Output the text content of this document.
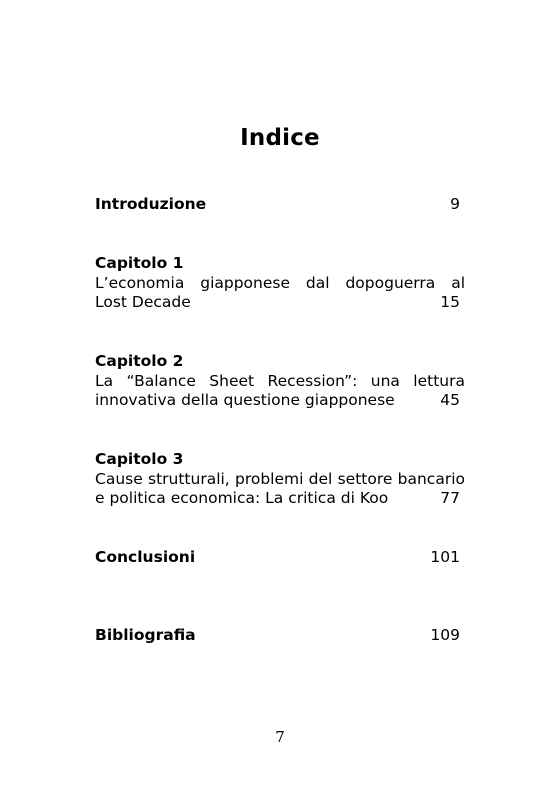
Indice
Introduzione	9
Capitolo 1
L’economia giapponese dal dopoguerra al
Lost Decade	15
Capitolo 2
La “Balance Sheet Recession”: una lettura
innovativa della questione giapponese	45
Capitolo 3
Cause strutturali, problemi del settore bancario
e politica economica: La critica di Koo	77
Conclusioni	101
Bibliografia	109
7
